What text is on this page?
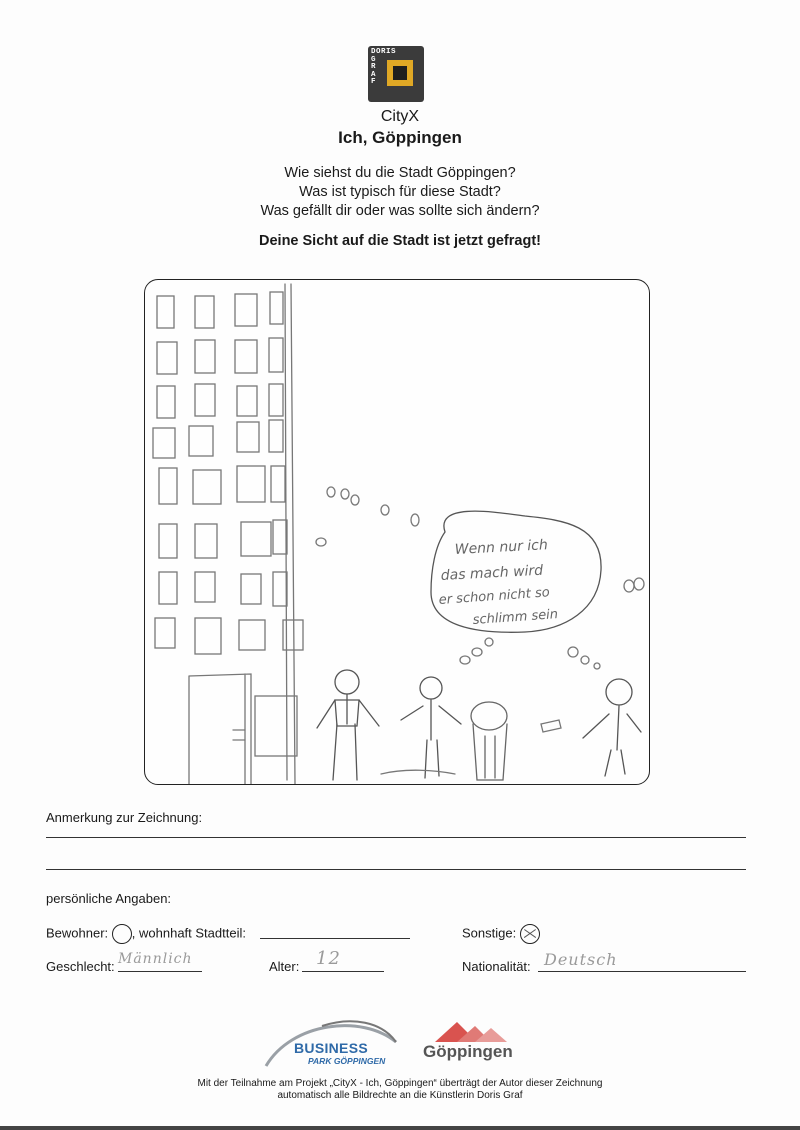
DORIS
G
R
A
F
CityX
Ich, Göppingen
Wie siehst du die Stadt Göppingen?
Was ist typisch für diese Stadt?
Was gefällt dir oder was sollte sich ändern?
Deine Sicht auf die Stadt ist jetzt gefragt!
Wenn nur ich
das mach wird
er schon nicht so
schlimm sein
Anmerkung zur Zeichnung:
persönliche Angaben:
Bewohner: , wohnhaft Stadtteil:	Sonstige:
Geschlecht: Männlich	Alter: 12	Nationalität: Deutsch
BUSINESS
PARK GÖPPINGEN Göppingen
Mit der Teilnahme am Projekt „CityX - Ich, Göppingen“ überträgt der Autor dieser Zeichnung
automatisch alle Bildrechte an die Künstlerin Doris Graf
